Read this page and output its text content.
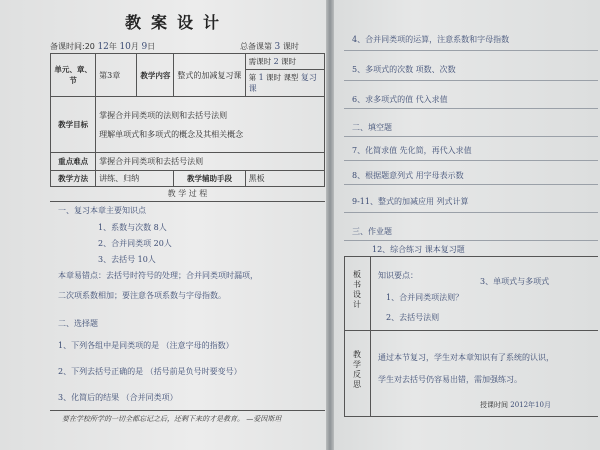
教案设计
备课时间:20 12年 10月 9日	总备课第 3 课时
单元、章、节	第3章	教学内容	整式的加减复习课	需课时 2 课时
第 1 课时 课型 复习课

教学目标	掌握合并同类项的法则和去括号法则
理解单项式和多项式的概念及其相关概念			

重点难点	掌握合并同类项和去括号法则			
教学方法	讲练、归纳		教学辅助手段	黑板
教 学 过 程
一、复习本章主要知识点
1、系数与次数 8人
2、合并同类项 20人
3、去括号 10人
本章易错点：去括号时符号的处理；合并同类项时漏项，
二次项系数相加；要注意各项系数与字母指数。
二、选择题
1、下列各组中是同类项的是 （注意字母的指数）
2、下列去括号正确的是 （括号前是负号时要变号）
3、化简后的结果 （合并同类项）
要在学校所学的一切全都忘记之后，还剩下来的才是教育。 —爱因斯坦
4、合并同类项的运算，注意系数和字母指数
5、多项式的次数 项数、次数
6、求多项式的值 代入求值
二、填空题
7、化简求值 先化简，再代入求值
8、根据题意列式 用字母表示数
9-11、整式的加减应用 列式计算
三、作业题
12、综合练习 课本复习题
板书设计
知识要点：
3、单项式与多项式
1、合并同类项法则？
2、去括号法则
教学反思
通过本节复习，学生对本章知识有了系统的认识，
学生对去括号仍容易出错，需加强练习。
授课时间 2012年10月
